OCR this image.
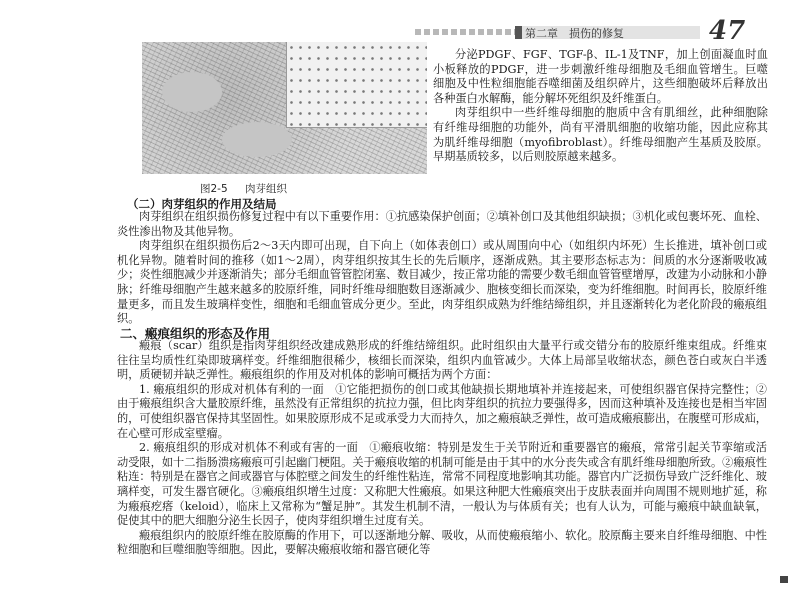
第二章　损伤的修复	47
图2-5 肉芽组织

分泌PDGF、FGF、TGF-β、IL-1及TNF，加上创面凝血时血小板释放的PDGF，进一步刺激纤维母细胞及毛细血管增生。巨噬细胞及中性粒细胞能吞噬细菌及组织碎片，这些细胞破坏后释放出各种蛋白水解酶，能分解坏死组织及纤维蛋白。

肉芽组织中一些纤维母细胞的胞质中含有肌细丝，此种细胞除有纤维母细胞的功能外，尚有平滑肌细胞的收缩功能，因此应称其为肌纤维母细胞（myofibroblast）。纤维母细胞产生基质及胶原。早期基质较多，以后则胶原越来越多。

（二）肉芽组织的作用及结局

肉芽组织在组织损伤修复过程中有以下重要作用：①抗感染保护创面；②填补创口及其他组织缺损；③机化或包裹坏死、血栓、炎性渗出物及其他异物。

肉芽组织在组织损伤后2～3天内即可出现，自下向上（如体表创口）或从周围向中心（如组织内坏死）生长推进，填补创口或机化异物。随着时间的推移（如1～2周），肉芽组织按其生长的先后顺序，逐渐成熟。其主要形态标志为：间质的水分逐渐吸收减少；炎性细胞减少并逐渐消失；部分毛细血管管腔闭塞、数目减少，按正常功能的需要少数毛细血管管壁增厚，改建为小动脉和小静脉；纤维母细胞产生越来越多的胶原纤维，同时纤维母细胞数目逐渐减少、胞核变细长而深染，变为纤维细胞。时间再长，胶原纤维量更多，而且发生玻璃样变性，细胞和毛细血管成分更少。至此，肉芽组织成熟为纤维结缔组织，并且逐渐转化为老化阶段的瘢痕组织。

二、瘢痕组织的形态及作用

瘢痕（scar）组织是指肉芽组织经改建成熟形成的纤维结缔组织。此时组织由大量平行或交错分布的胶原纤维束组成。纤维束往往呈均质性红染即玻璃样变。纤维细胞很稀少，核细长而深染，组织内血管减少。大体上局部呈收缩状态，颜色苍白或灰白半透明，质硬韧并缺乏弹性。瘢痕组织的作用及对机体的影响可概括为两个方面：

1. 瘢痕组织的形成对机体有利的一面　①它能把损伤的创口或其他缺损长期地填补并连接起来，可使组织器官保持完整性；②由于瘢痕组织含大量胶原纤维，虽然没有正常组织的抗拉力强，但比肉芽组织的抗拉力要强得多，因而这种填补及连接也是相当牢固的，可使组织器官保持其坚固性。如果胶原形成不足或承受力大而持久，加之瘢痕缺乏弹性，故可造成瘢痕膨出，在腹壁可形成疝，在心壁可形成室壁瘤。

2. 瘢痕组织的形成对机体不利或有害的一面　①瘢痕收缩：特别是发生于关节附近和重要器官的瘢痕，常常引起关节挛缩或活动受限，如十二指肠溃疡瘢痕可引起幽门梗阻。关于瘢痕收缩的机制可能是由于其中的水分丧失或含有肌纤维母细胞所致。②瘢痕性粘连：特别是在器官之间或器官与体腔壁之间发生的纤维性粘连，常常不同程度地影响其功能。器官内广泛损伤导致广泛纤维化、玻璃样变，可发生器官硬化。③瘢痕组织增生过度：又称肥大性瘢痕。如果这种肥大性瘢痕突出于皮肤表面并向周围不规则地扩延，称为瘢痕疙瘩（keloid），临床上又常称为“蟹足肿”。其发生机制不清，一般认为与体质有关；也有人认为，可能与瘢痕中缺血缺氧，促使其中的肥大细胞分泌生长因子，使肉芽组织增生过度有关。

瘢痕组织内的胶原纤维在胶原酶的作用下，可以逐渐地分解、吸收，从而使瘢痕缩小、软化。胶原酶主要来自纤维母细胞、中性粒细胞和巨噬细胞等细胞。因此，要解决瘢痕收缩和器官硬化等
